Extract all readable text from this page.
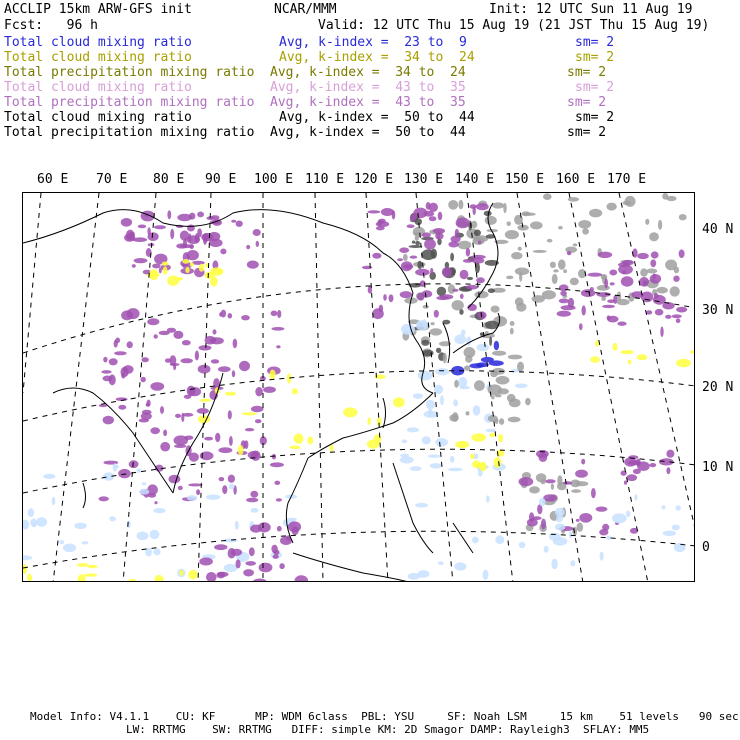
ACCLIP 15km ARW-GFS init	NCAR/MMM	Init: 12 UTC Sun 11 Aug 19
Fcst:   96 h	Valid: 12 UTC Thu 15 Aug 19 (21 JST Thu 15 Aug 19)
Total cloud mixing ratio	Avg, k-index =  23 to  9	sm= 2
Total cloud mixing ratio	Avg, k-index =  34 to  24	sm= 2
Total precipitation mixing ratio Avg, k-index =  34 to  24	sm= 2
Total cloud mixing ratio	Avg, k-index =  43 to  35	sm= 2
Total precipitation mixing ratio Avg, k-index =  43 to  35	sm= 2
Total cloud mixing ratio	Avg, k-index =  50 to  44	sm= 2
Total precipitation mixing ratio Avg, k-index =  50 to  44	sm= 2
60 E 70 E 80 E 90 E 100 E 110 E 120 E 130 E 140 E 150 E 160 E 170 E
40 N
30 N
20 N
10 N
0
Model Info: V4.1.1    CU: KF      MP: WDM 6class  PBL: YSU     SF: Noah LSM     15 km    51 levels   90 sec
LW: RRTMG    SW: RRTMG   DIFF: simple KM: 2D Smagor DAMP: Rayleigh3  SFLAY: MM5
